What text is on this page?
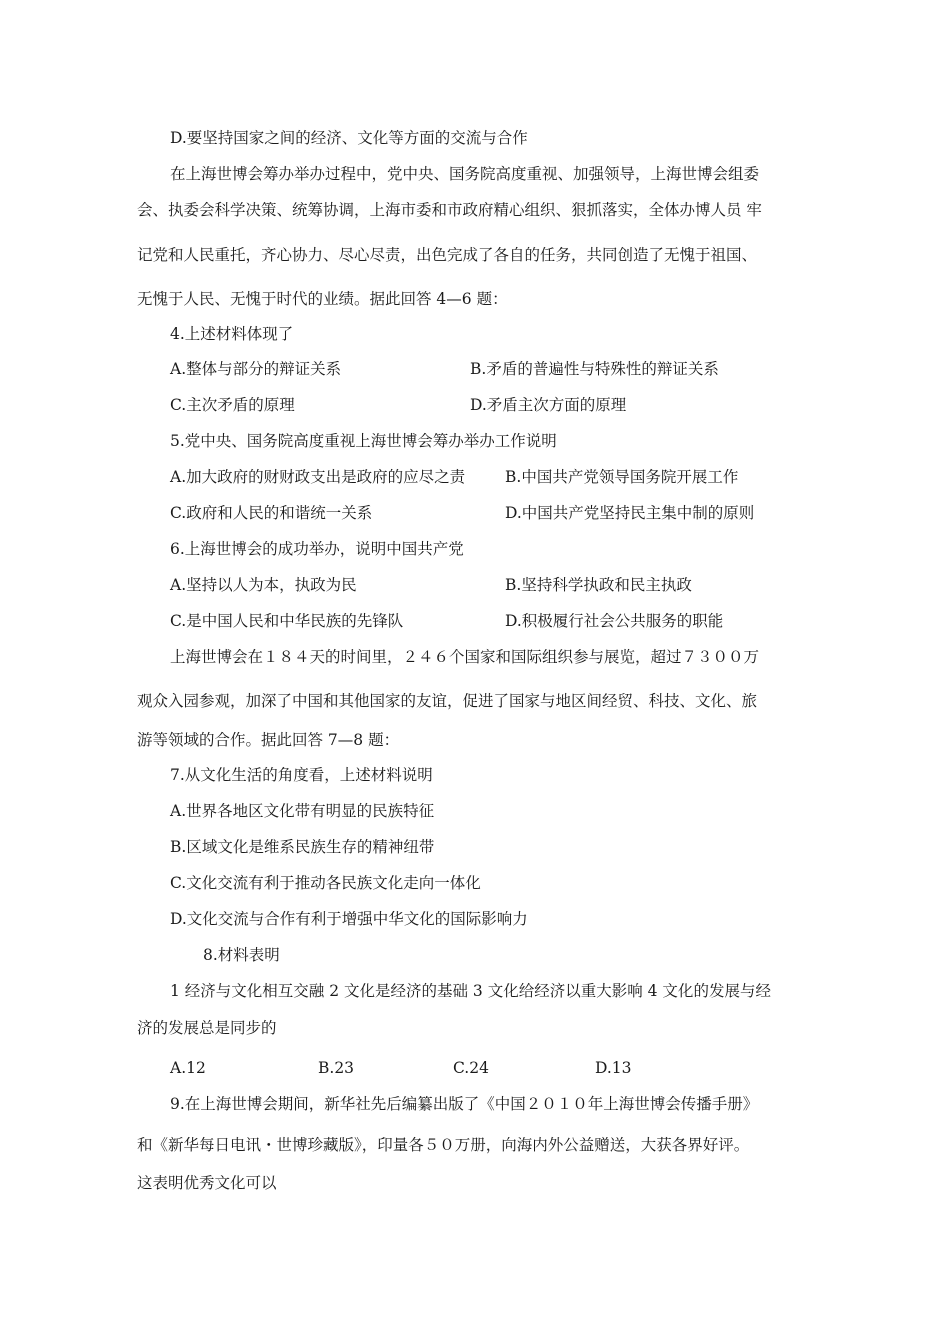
D.要坚持国家之间的经济、文化等方面的交流与合作
在上海世博会筹办举办过程中，党中央、国务院高度重视、加强领导，上海世博会组委
会、执委会科学决策、统筹协调，上海市委和市政府精心组织、狠抓落实，全体办博人员 牢
记党和人民重托，齐心协力、尽心尽责，出色完成了各自的任务，共同创造了无愧于祖国、
无愧于人民、无愧于时代的业绩。据此回答 4—6 题：
4.上述材料体现了
A.整体与部分的辩证关系	B.矛盾的普遍性与特殊性的辩证关系
C.主次矛盾的原理	D.矛盾主次方面的原理
5.党中央、国务院高度重视上海世博会筹办举办工作说明
A.加大政府的财财政支出是政府的应尽之责	B.中国共产党领导国务院开展工作
C.政府和人民的和谐统一关系	D.中国共产党坚持民主集中制的原则
6.上海世博会的成功举办，说明中国共产党
A.坚持以人为本，执政为民	B.坚持科学执政和民主执政
C.是中国人民和中华民族的先锋队	D.积极履行社会公共服务的职能
上海世博会在１８４天的时间里，２４６个国家和国际组织参与展览，超过７３００万
观众入园参观，加深了中国和其他国家的友谊，促进了国家与地区间经贸、科技、文化、旅
游等领域的合作。据此回答 7—8 题：
7.从文化生活的角度看，上述材料说明
A.世界各地区文化带有明显的民族特征
B.区域文化是维系民族生存的精神纽带
C.文化交流有利于推动各民族文化走向一体化
D.文化交流与合作有利于增强中华文化的国际影响力
8.材料表明
1 经济与文化相互交融 2 文化是经济的基础 3 文化给经济以重大影响 4 文化的发展与经
济的发展总是同步的
A.12	B.23	C.24	D.13
9.在上海世博会期间，新华社先后编纂出版了《中国２０１０年上海世博会传播手册》
和《新华每日电讯・世博珍藏版》，印量各５０万册，向海内外公益赠送，大获各界好评。
这表明优秀文化可以
